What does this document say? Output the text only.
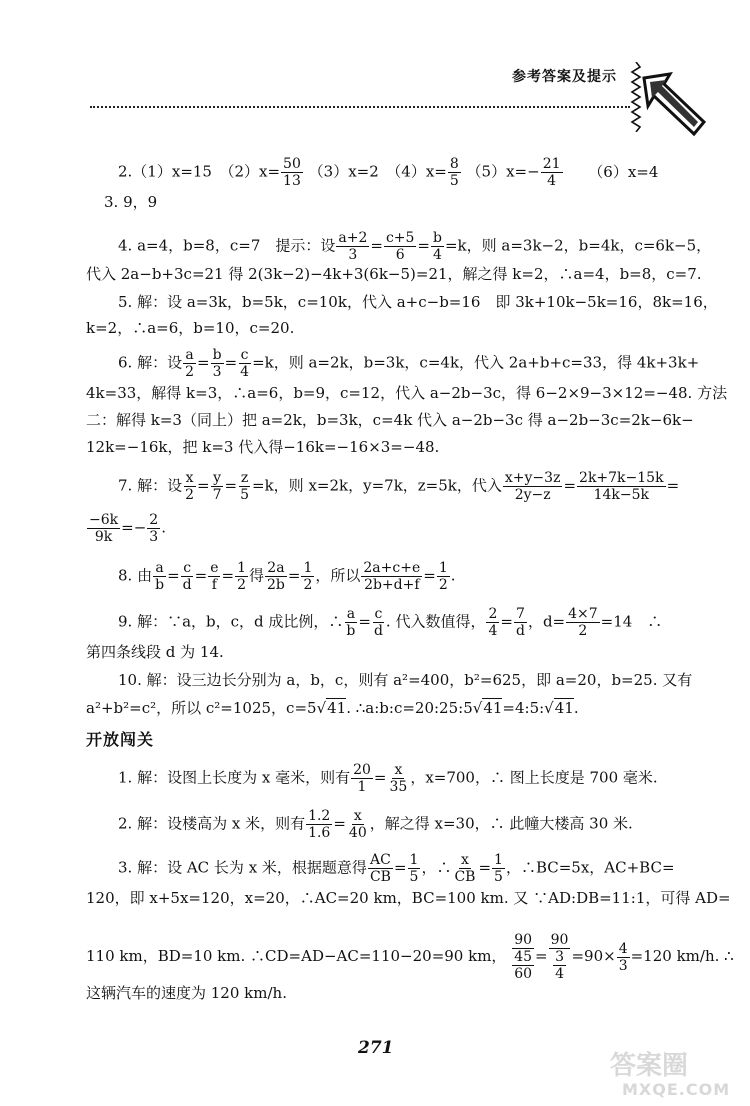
参考答案及提示
2.（1）x=15　$(2)x= \frac{50}{13} (3)x=2$　$(4)x= \frac{8}{5} (5)x=- \frac{21}{4} (6)x=4$
3. 9，9
4. a=4，b=8，c=7　提示：设 $\frac{a+2}{3} = \frac{c+5}{6} = \frac{b}{4} =k$，则 a=3k−2，b=4k，c=6k−5，
代入 2a−b+3c=21 得 2(3k−2)−4k+3(6k−5)=21，解之得 k=2，∴a=4，b=8，c=7.
5. 解：设 a=3k，b=5k，c=10k，代入 a+c−b=16　即 3k+10k−5k=16，8k=16，
k=2，∴a=6，b=10，c=20.
6. 解：设 $\frac{a}{2} = \frac{b}{3} = \frac{c}{4} =k$，则 a=2k，b=3k，c=4k，代入 2a+b+c=33，得 4k+3k+
4k=33，解得 k=3，∴a=6，b=9，c=12，代入 a−2b−3c，得 6−2×9−3×12=−48. 方法
二：解得 k=3（同上）把 a=2k，b=3k，c=4k 代入 a−2b−3c 得 a−2b−3c=2k−6k−
12k=−16k，把 k=3 代入得−16k=−16×3=−48.
7. 解：设 $\frac{x}{2} = \frac{y}{7} = \frac{z}{5} =k$，则 x=2k，y=7k，z=5k，代入 $\frac{x+y-3z}{2y-z} = \frac{2k+7k-15k}{14k-5k}$ =
$\frac{-6k}{9k} =- \frac{2}{3}$ .
8. 由 $\frac{a}{b} = \frac{c}{d} = \frac{e}{f} = \frac{1}{2}$ 得 $\frac{2a}{2b} = \frac{1}{2}$ ，所以 $\frac{2a+c+e}{2b+d+f} = \frac{1}{2}$ .
9. 解：∵a，b，c，d 成比例，∴ $\frac{a}{b} = \frac{c}{d}$ . 代入数值得， $\frac{2}{4} = \frac{7}{d}$ ，$d= \frac{4\times 7}{2} =14$　∴
第四条线段 d 为 14.
10. 解：设三边长分别为 a，b，c，则有 a²=400，b²=625，即 a=20，b=25. 又有
a²+b²=c²，所以 c²=1025，c=5√41. ∴a:b:c=20:25:5√41=4:5:√41.
开放闯关
1. 解：设图上长度为 x 毫米，则有 $\frac{20}{1} = \frac{x}{35}$ ，x=700，∴ 图上长度是 700 毫米.
2. 解：设楼高为 x 米，则有 $\frac{1.2}{1.6} = \frac{x}{40}$ ，解之得 x=30，∴ 此幢大楼高 30 米.
3. 解：设 AC 长为 x 米，根据题意得 $\frac{AC}{CB} = \frac{1}{5}$ ，∴ $\frac{x}{CB} = \frac{1}{5}$ ，∴BC=5x，AC+BC=
120，即 x+5x=120，x=20，∴AC=20 km，BC=100 km. 又 ∵AD:DB=11:1，可得 AD=
110 km，BD=10 km. ∴CD=AD−AC=110−20=90 km，
90
45
60
=
90
3
4
$=90\times \frac{4}{3} =120$ km/h. ∴
这辆汽车的速度为 120 km/h.
271
答案圈
MXQE.COM
